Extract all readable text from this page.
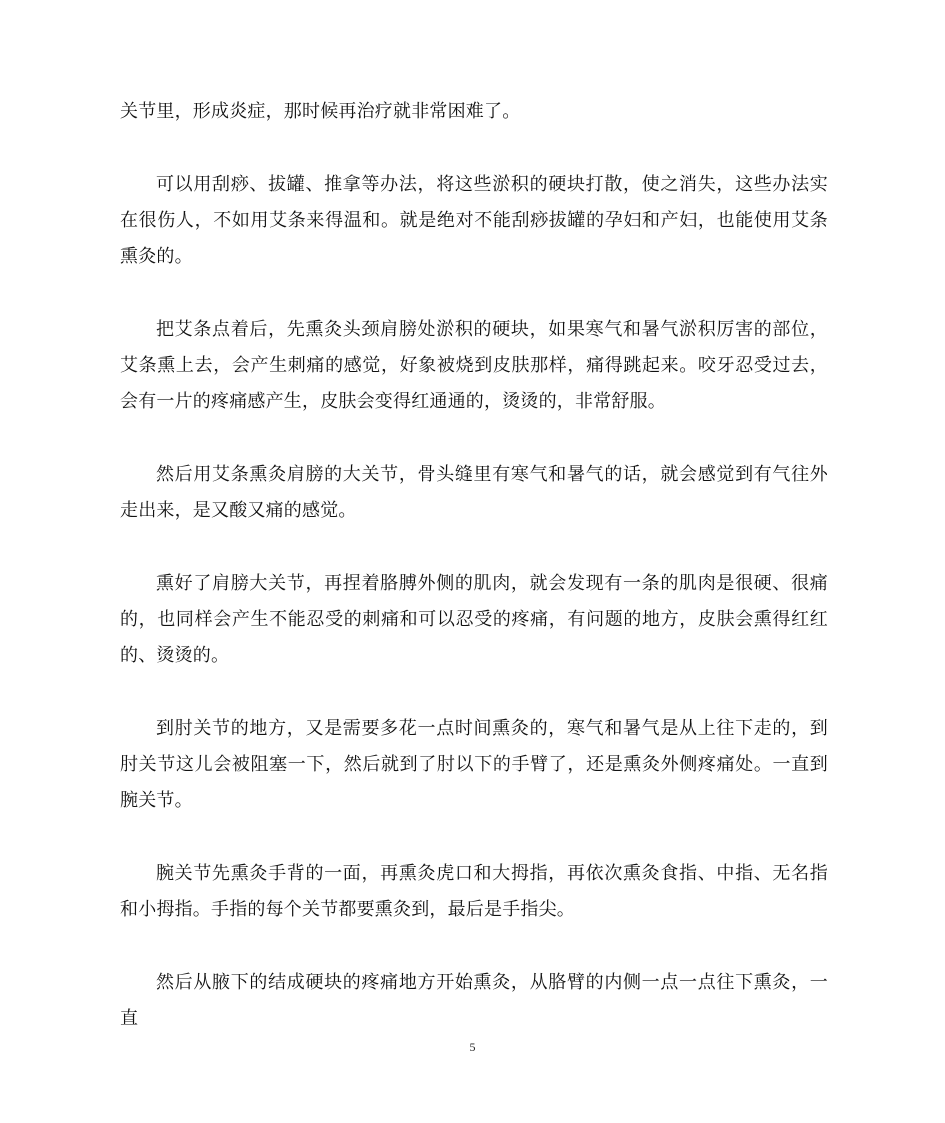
关节里，形成炎症，那时候再治疗就非常困难了。

可以用刮痧、拔罐、推拿等办法，将这些淤积的硬块打散，使之消失，这些办法实在很伤人，不如用艾条来得温和。就是绝对不能刮痧拔罐的孕妇和产妇，也能使用艾条熏灸的。

把艾条点着后，先熏灸头颈肩膀处淤积的硬块，如果寒气和暑气淤积厉害的部位，艾条熏上去，会产生刺痛的感觉，好象被烧到皮肤那样，痛得跳起来。咬牙忍受过去，会有一片的疼痛感产生，皮肤会变得红通通的，烫烫的，非常舒服。

然后用艾条熏灸肩膀的大关节，骨头缝里有寒气和暑气的话，就会感觉到有气往外走出来，是又酸又痛的感觉。

熏好了肩膀大关节，再捏着胳膊外侧的肌肉，就会发现有一条的肌肉是很硬、很痛的，也同样会产生不能忍受的刺痛和可以忍受的疼痛，有问题的地方，皮肤会熏得红红的、烫烫的。

到肘关节的地方，又是需要多花一点时间熏灸的，寒气和暑气是从上往下走的，到肘关节这儿会被阻塞一下，然后就到了肘以下的手臂了，还是熏灸外侧疼痛处。一直到腕关节。

腕关节先熏灸手背的一面，再熏灸虎口和大拇指，再依次熏灸食指、中指、无名指和小拇指。手指的每个关节都要熏灸到，最后是手指尖。

然后从腋下的结成硬块的疼痛地方开始熏灸，从胳臂的内侧一点一点往下熏灸，一直

5
